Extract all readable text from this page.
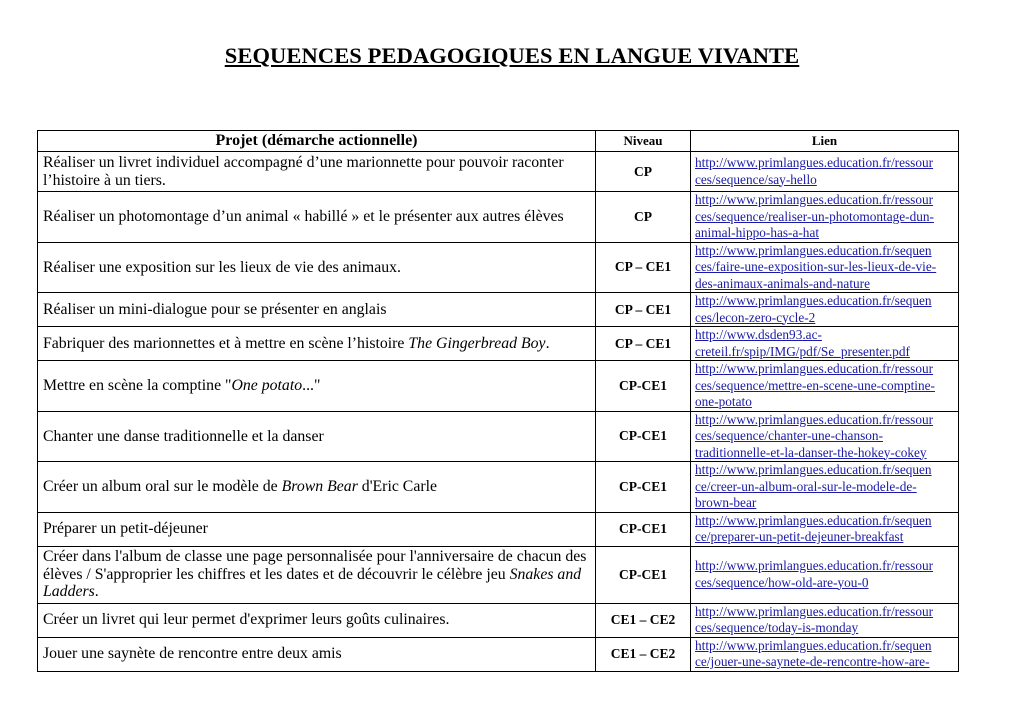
SEQUENCES PEDAGOGIQUES EN LANGUE VIVANTE
Projet (démarche actionnelle)	Niveau	Lien
Réaliser un livret individuel accompagné d’une marionnette pour pouvoir raconter l’histoire à un tiers.	CP	http://www.primlangues.education.fr/ressour
ces/sequence/say-hello
Réaliser un photomontage d’un animal « habillé » et le présenter aux autres élèves	CP	http://www.primlangues.education.fr/ressour
ces/sequence/realiser-un-photomontage-dun-
animal-hippo-has-a-hat
Réaliser une exposition sur les lieux de vie des animaux.	CP – CE1	http://www.primlangues.education.fr/sequen
ces/faire-une-exposition-sur-les-lieux-de-vie-
des-animaux-animals-and-nature
Réaliser un mini-dialogue pour se présenter en anglais	CP – CE1	http://www.primlangues.education.fr/sequen
ces/lecon-zero-cycle-2
Fabriquer des marionnettes et à mettre en scène l’histoire The Gingerbread Boy.	CP – CE1	http://www.dsden93.ac-
creteil.fr/spip/IMG/pdf/Se_presenter.pdf
Mettre en scène la comptine "One potato..."	CP-CE1	http://www.primlangues.education.fr/ressour
ces/sequence/mettre-en-scene-une-comptine-
one-potato
Chanter une danse traditionnelle et la danser	CP-CE1	http://www.primlangues.education.fr/ressour
ces/sequence/chanter-une-chanson-
traditionnelle-et-la-danser-the-hokey-cokey
Créer un album oral sur le modèle de Brown Bear d'Eric Carle	CP-CE1	http://www.primlangues.education.fr/sequen
ce/creer-un-album-oral-sur-le-modele-de-
brown-bear
Préparer un petit-déjeuner	CP-CE1	http://www.primlangues.education.fr/sequen
ce/preparer-un-petit-dejeuner-breakfast
Créer dans l'album de classe une page personnalisée pour l'anniversaire de chacun des élèves / S'approprier les chiffres et les dates et de découvrir le célèbre jeu Snakes and Ladders.	CP-CE1	http://www.primlangues.education.fr/ressour
ces/sequence/how-old-are-you-0
Créer un livret qui leur permet d'exprimer leurs goûts culinaires.	CE1 – CE2	http://www.primlangues.education.fr/ressour
ces/sequence/today-is-monday
Jouer une saynète de rencontre entre deux amis	CE1 – CE2	http://www.primlangues.education.fr/sequen
ce/jouer-une-saynete-de-rencontre-how-are-
